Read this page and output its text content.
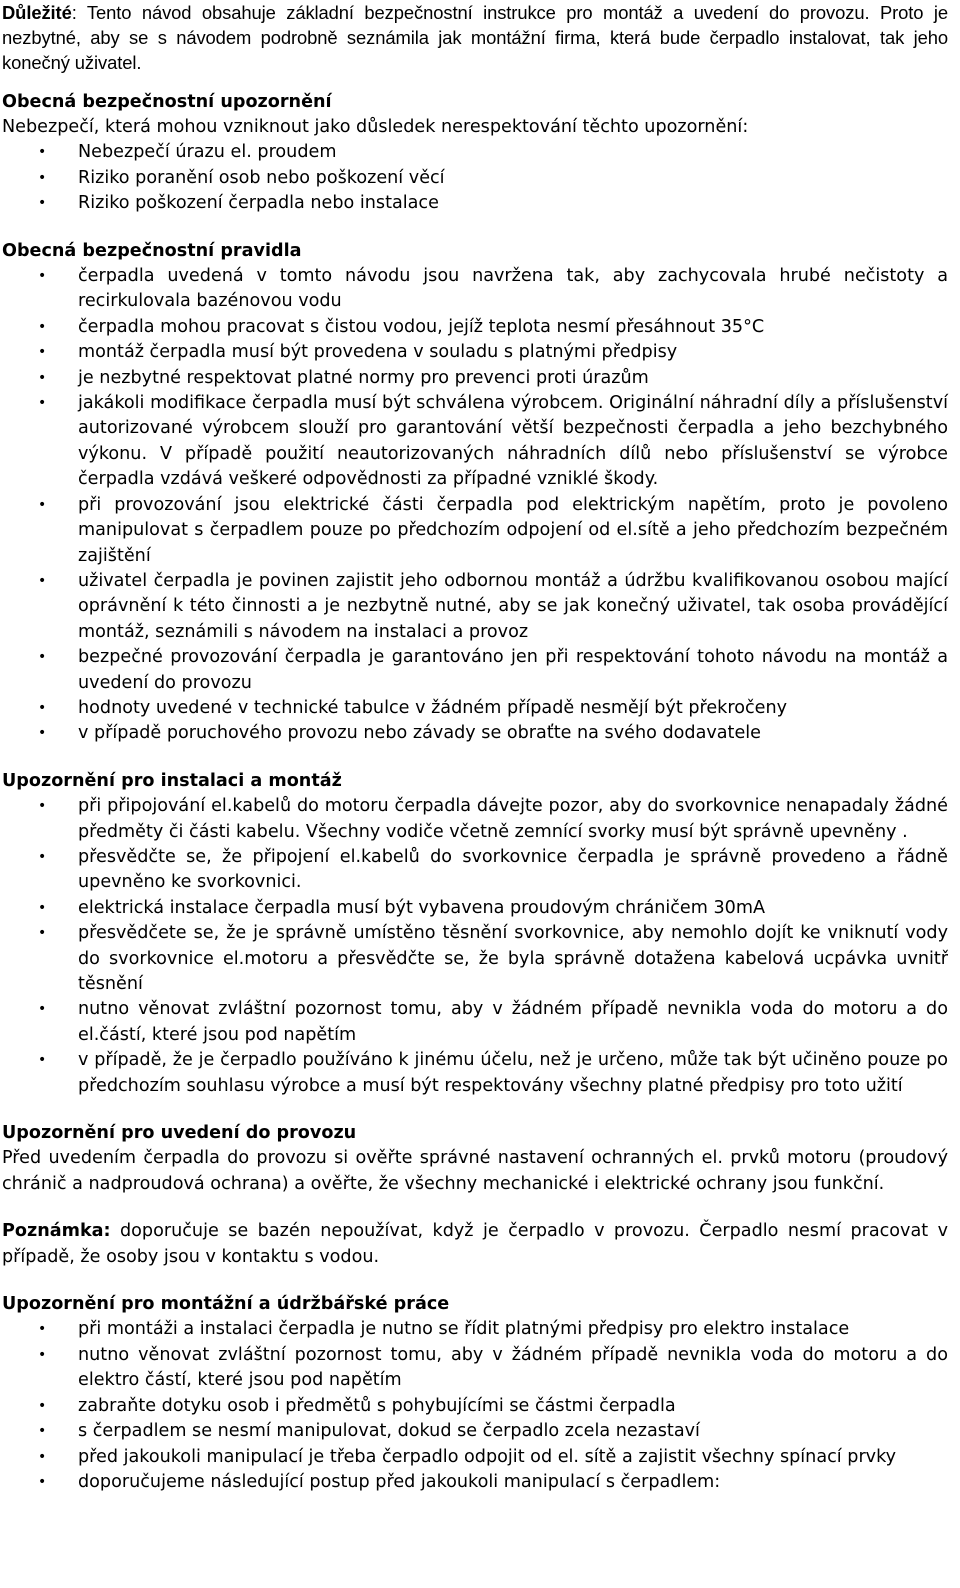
Důležité: Tento návod obsahuje základní bezpečnostní instrukce pro montáž a uvedení do provozu. Proto je nezbytné, aby se s návodem podrobně seznámila jak montážní firma, která bude čerpadlo instalovat, tak jeho konečný uživatel.

Obecná bezpečnostní upozornění

Nebezpečí, která mohou vzniknout jako důsledek nerespektování těchto upozornění:

• Nebezpečí úrazu el. proudem
• Riziko poranění osob nebo poškození věcí
• Riziko poškození čerpadla nebo instalace
Obecná bezpečnostní pravidla
• čerpadla uvedená v tomto návodu jsou navržena tak, aby zachycovala hrubé nečistoty a recirkulovala bazénovou vodu
• čerpadla mohou pracovat s čistou vodou, jejíž teplota nesmí přesáhnout 35°C
• montáž čerpadla musí být provedena v souladu s platnými předpisy
• je nezbytné respektovat platné normy pro prevenci proti úrazům
• jakákoli modifikace čerpadla musí být schválena výrobcem. Originální náhradní díly a příslušenství autorizované výrobcem slouží pro garantování větší bezpečnosti čerpadla a jeho bezchybného výkonu. V případě použití neautorizovaných náhradních dílů nebo příslušenství se výrobce čerpadla vzdává veškeré odpovědnosti za případné vzniklé škody.
• při provozování jsou elektrické části čerpadla pod elektrickým napětím, proto je povoleno manipulovat s čerpadlem pouze po předchozím odpojení od el.sítě a jeho předchozím bezpečném zajištění
• uživatel čerpadla je povinen zajistit jeho odbornou montáž a údržbu kvalifikovanou osobou mající oprávnění k této činnosti a je nezbytně nutné, aby se jak konečný uživatel, tak osoba provádějící montáž, seznámili s návodem na instalaci a provoz
• bezpečné provozování čerpadla je garantováno jen při respektování tohoto návodu na montáž a uvedení do provozu
• hodnoty uvedené v technické tabulce v žádném případě nesmějí být překročeny
• v případě poruchového provozu nebo závady se obraťte na svého dodavatele
Upozornění pro instalaci a montáž
• při připojování el.kabelů do motoru čerpadla dávejte pozor, aby do svorkovnice nenapadaly žádné předměty či části kabelu. Všechny vodiče včetně zemnící svorky musí být správně upevněny .
• přesvědčte se, že připojení el.kabelů do svorkovnice čerpadla je správně provedeno a řádně upevněno ke svorkovnici.
• elektrická instalace čerpadla musí být vybavena proudovým chráničem 30mA
• přesvědčete se, že je správně umístěno těsnění svorkovnice, aby nemohlo dojít ke vniknutí vody do svorkovnice el.motoru a přesvědčte se, že byla správně dotažena kabelová ucpávka uvnitř těsnění
• nutno věnovat zvláštní pozornost tomu, aby v žádném případě nevnikla voda do motoru a do el.částí, které jsou pod napětím
• v případě, že je čerpadlo používáno k jinému účelu, než je určeno, může tak být učiněno pouze po předchozím souhlasu výrobce a musí být respektovány všechny platné předpisy pro toto užití
Upozornění pro uvedení do provozu

Před uvedením čerpadla do provozu si ověřte správné nastavení ochranných el. prvků motoru (proudový chránič a nadproudová ochrana) a ověřte, že všechny mechanické i elektrické ochrany jsou funkční.

Poznámka: doporučuje se bazén nepoužívat, když je čerpadlo v provozu. Čerpadlo nesmí pracovat v případě, že osoby jsou v kontaktu s vodou.

Upozornění pro montážní a údržbářské práce
• při montáži a instalaci čerpadla je nutno se řídit platnými předpisy pro elektro instalace
• nutno věnovat zvláštní pozornost tomu, aby v žádném případě nevnikla voda do motoru a do elektro částí, které jsou pod napětím
• zabraňte dotyku osob i předmětů s pohybujícími se částmi čerpadla
• s čerpadlem se nesmí manipulovat, dokud se čerpadlo zcela nezastaví
• před jakoukoli manipulací je třeba čerpadlo odpojit od el. sítě a zajistit všechny spínací prvky
• doporučujeme následující postup před jakoukoli manipulací s čerpadlem:
